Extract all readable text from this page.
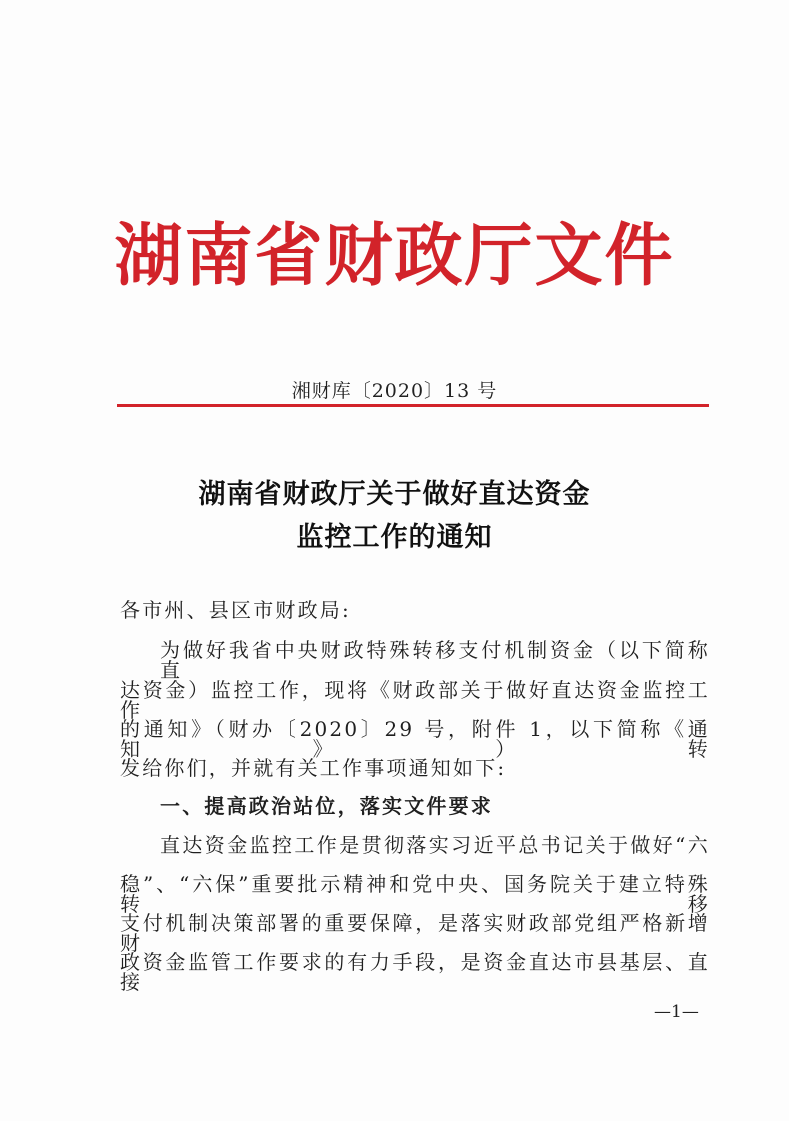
湖南省财政厅文件
湘财库〔2020〕13 号
湖南省财政厅关于做好直达资金
监控工作的通知
各市州、县区市财政局:
为做好我省中央财政特殊转移支付机制资金（以下简称直
达资金）监控工作，现将《财政部关于做好直达资金监控工作
的通知》（财办〔2020〕29 号，附件 1，以下简称《通知》）转
发给你们，并就有关工作事项通知如下:
一、提高政治站位，落实文件要求
直达资金监控工作是贯彻落实习近平总书记关于做好“六
稳”、“六保”重要批示精神和党中央、国务院关于建立特殊转移
支付机制决策部署的重要保障，是落实财政部党组严格新增财
政资金监管工作要求的有力手段，是资金直达市县基层、直接
—1—
